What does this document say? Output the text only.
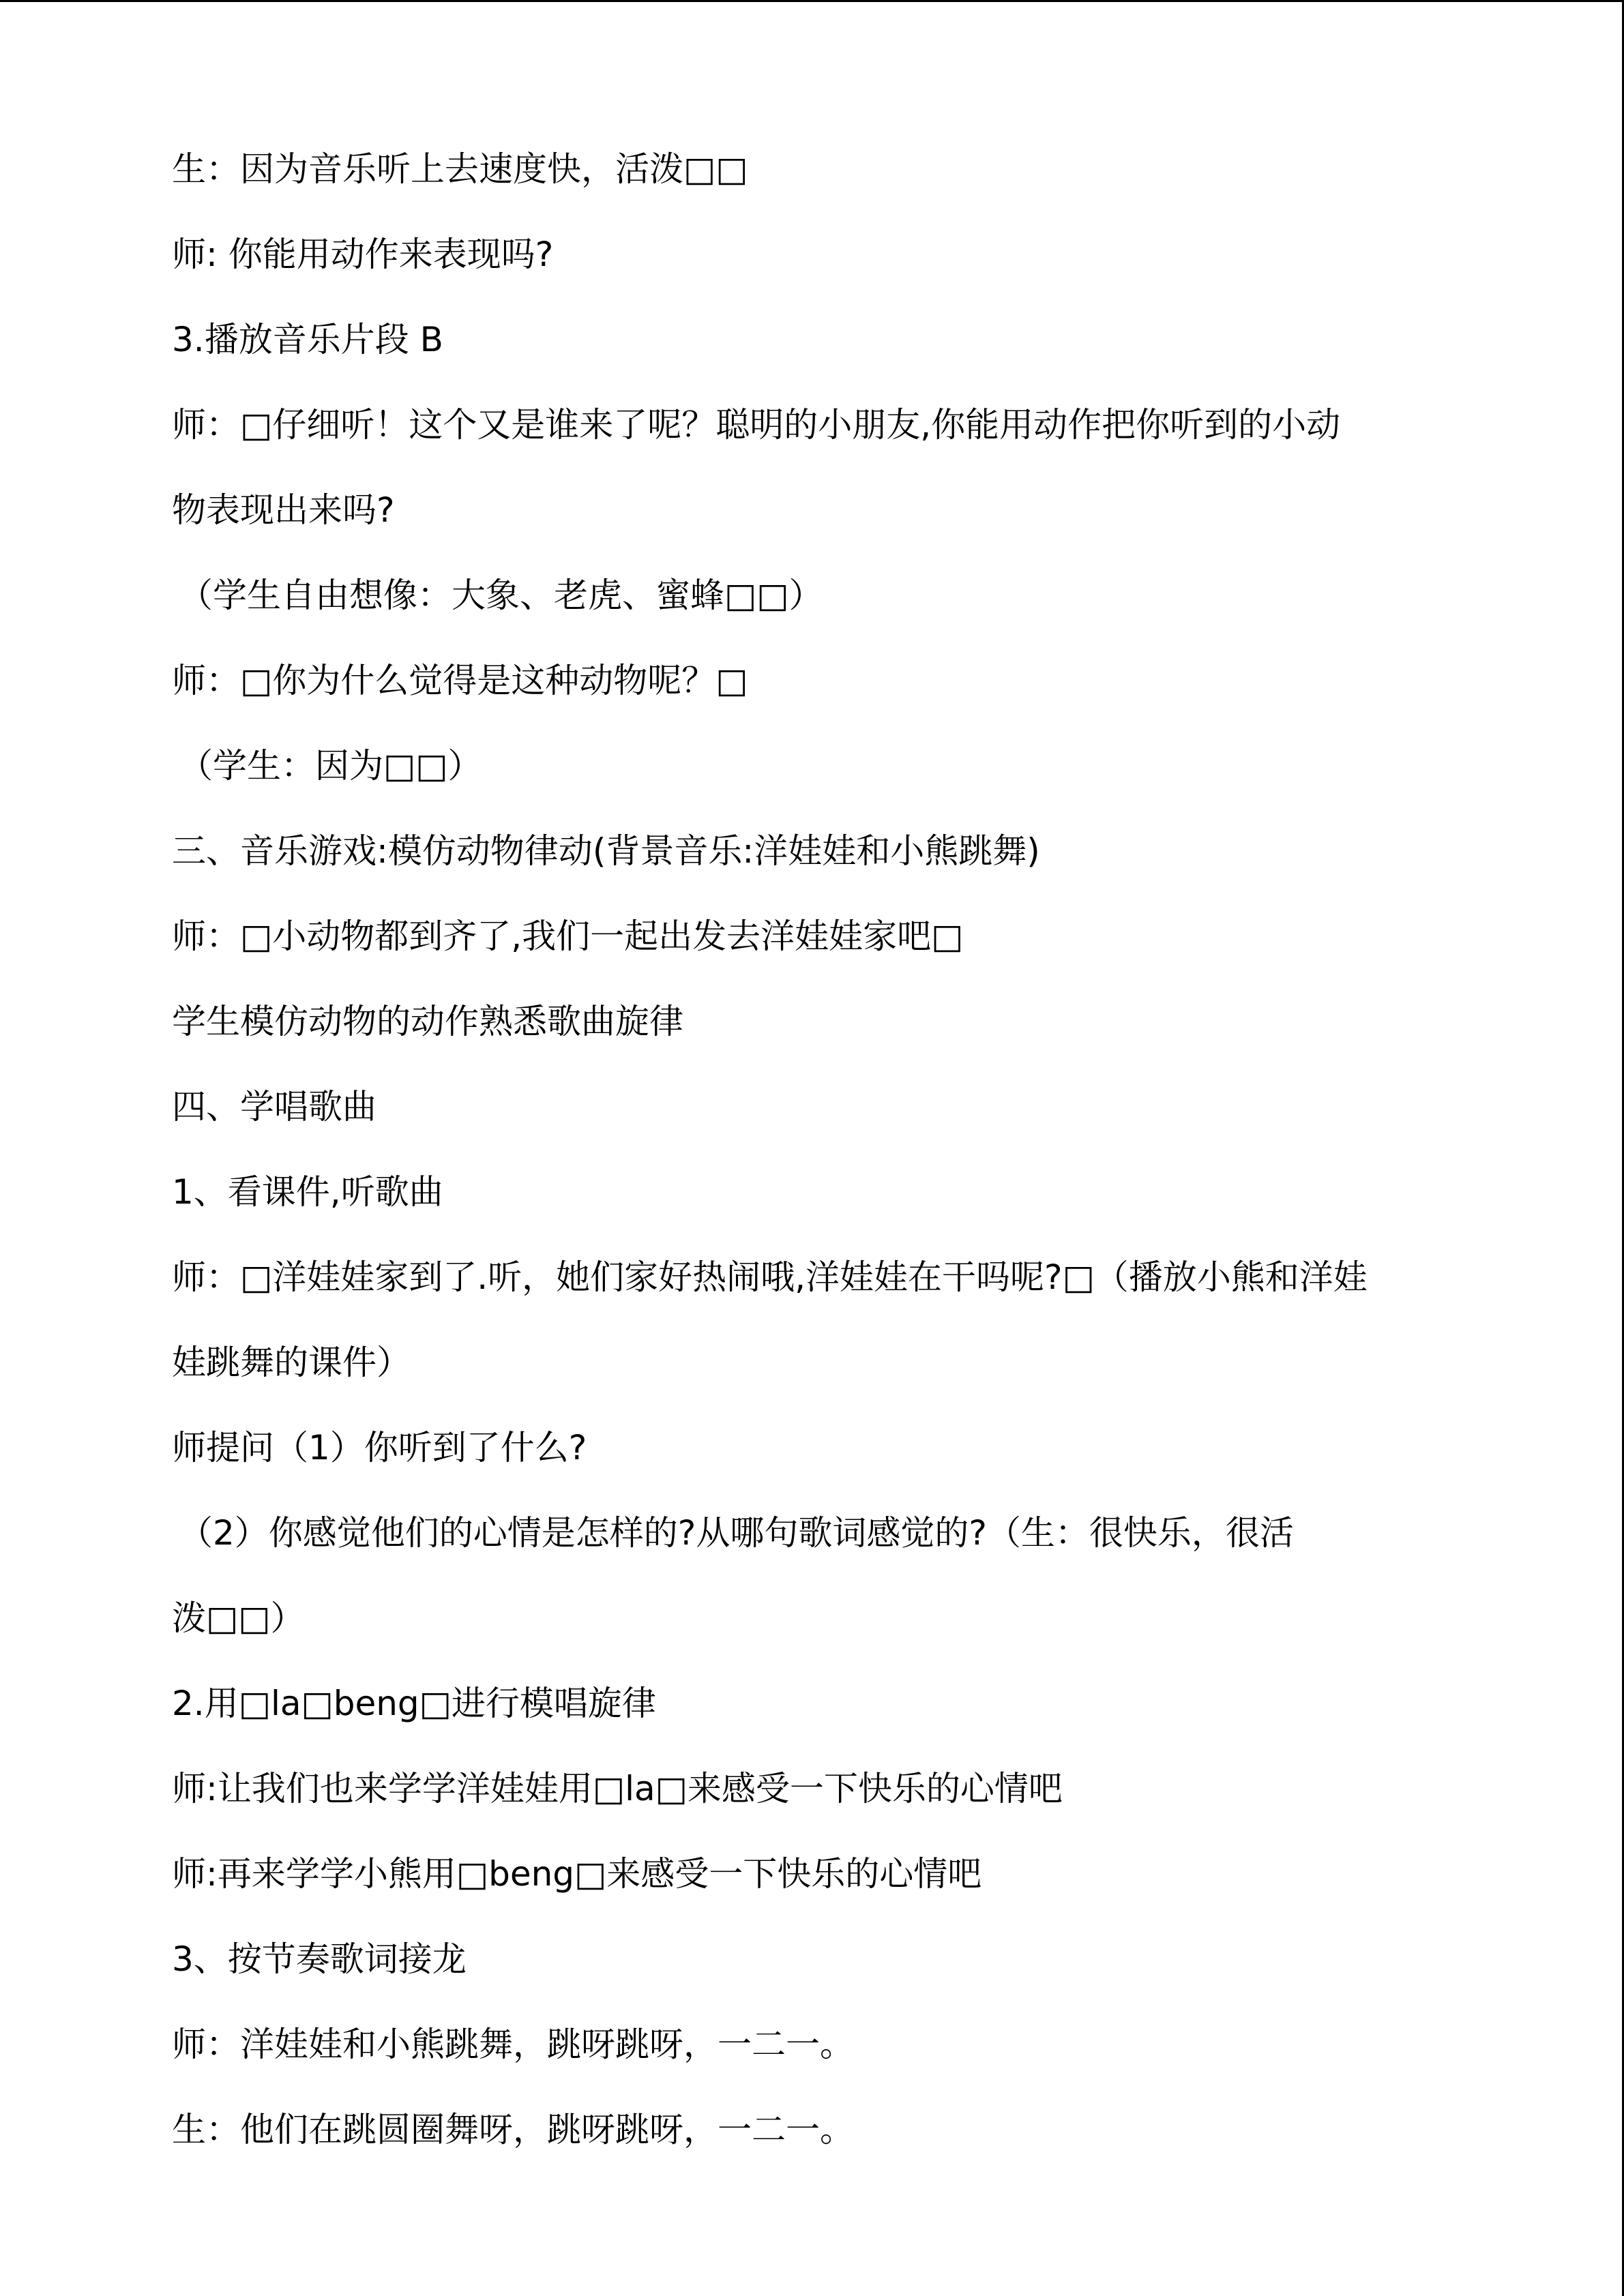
生：因为音乐听上去速度快，活泼□□
师: 你能用动作来表现吗?
3.播放音乐片段 B
师：□仔细听！这个又是谁来了呢？聪明的小朋友,你能用动作把你听到的小动
物表现出来吗?
（学生自由想像：大象、老虎、蜜蜂□□）
师：□你为什么觉得是这种动物呢？□
（学生：因为□□）
三、音乐游戏:模仿动物律动(背景音乐:洋娃娃和小熊跳舞)
师：□小动物都到齐了,我们一起出发去洋娃娃家吧□
学生模仿动物的动作熟悉歌曲旋律
四、学唱歌曲
1、看课件,听歌曲
师：□洋娃娃家到了.听，她们家好热闹哦,洋娃娃在干吗呢?□（播放小熊和洋娃
娃跳舞的课件）
师提问（1）你听到了什么?
（2）你感觉他们的心情是怎样的?从哪句歌词感觉的?（生：很快乐，很活
泼□□）
2.用□la□beng□进行模唱旋律
师:让我们也来学学洋娃娃用□la□来感受一下快乐的心情吧
师:再来学学小熊用□beng□来感受一下快乐的心情吧
3、按节奏歌词接龙
师：洋娃娃和小熊跳舞，跳呀跳呀，一二一。
生：他们在跳圆圈舞呀，跳呀跳呀，一二一。
